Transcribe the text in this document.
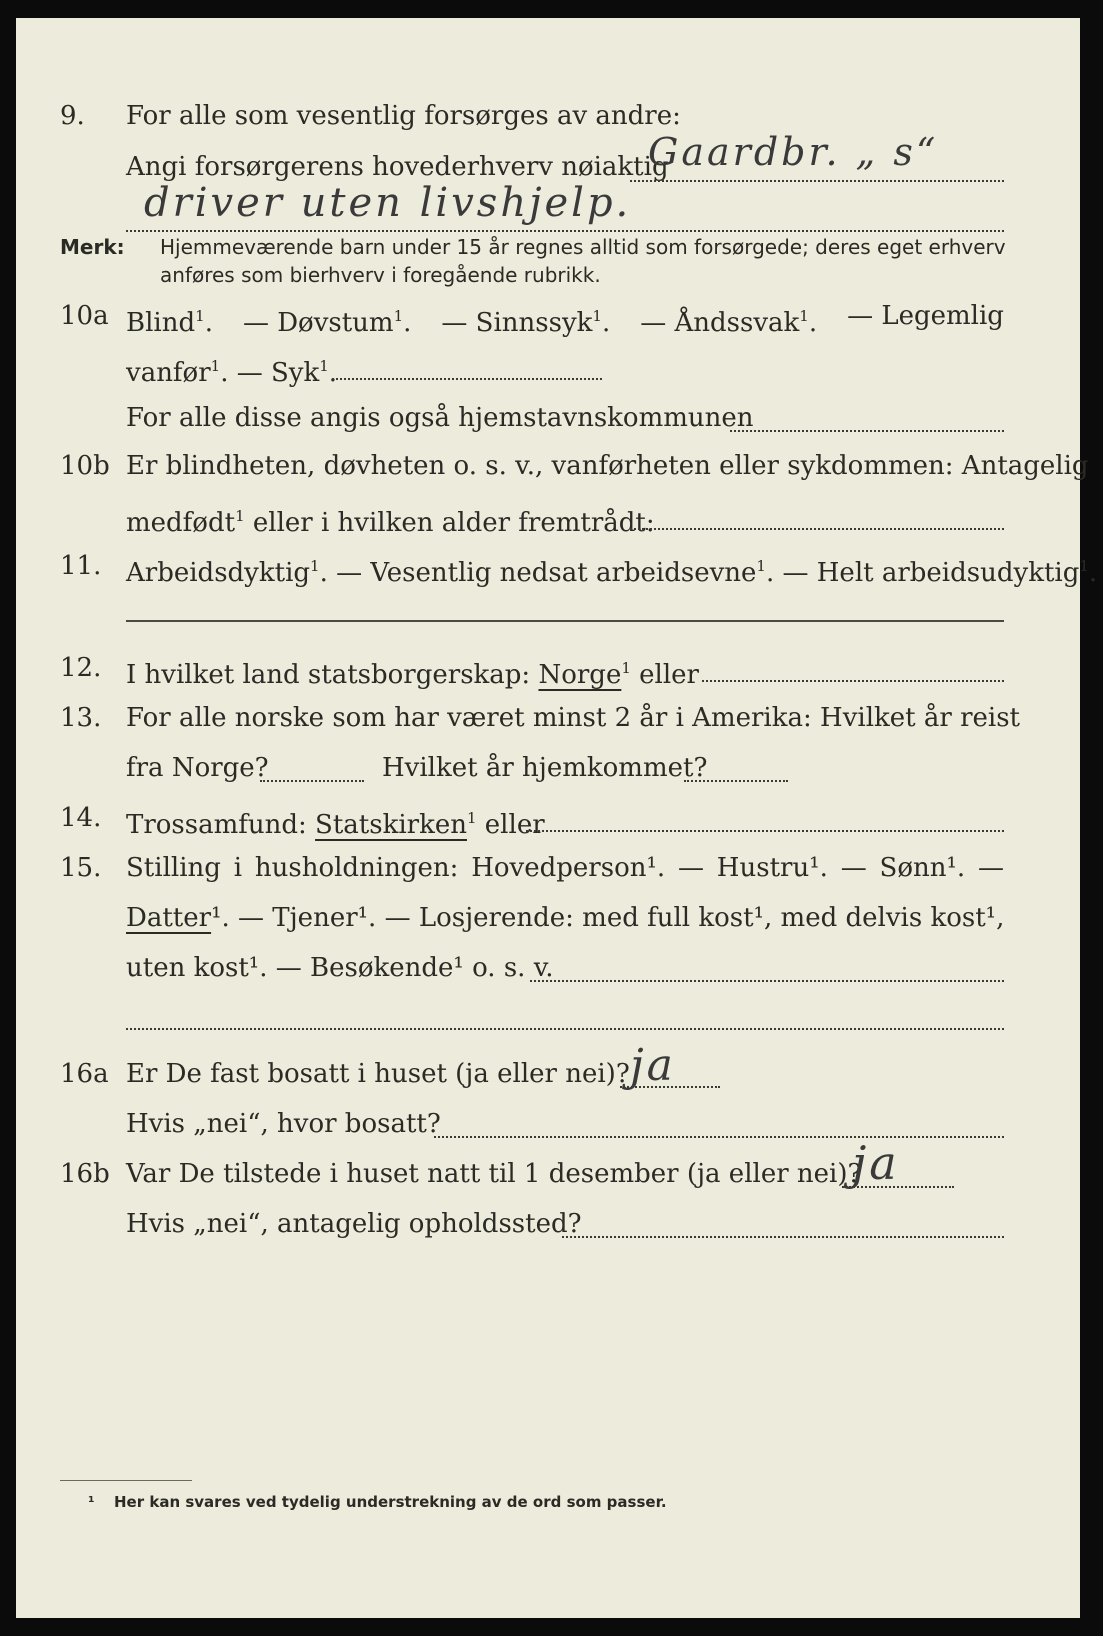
9. For alle som vesentlig forsørges av andre:
Angi forsørgerens hovederhverv nøiaktig
Gaardbr. „ s“
driver uten livshjelp.
Merk: Hjemmeværende barn under 15 år regnes alltid som forsørgede; deres eget erhverv
anføres som bierhverv i foregående rubrikk.
10a Blind$^1$. — Døvstum$^1$. — Sinnssyk$^1$. — Åndssvak$^1$. — Legemlig
vanfør$^1$. — Syk$^1$.
For alle disse angis også hjemstavnskommunen
10b Er blindheten, døvheten o. s. v., vanførheten eller sykdommen: Antagelig
medfødt$^1$ eller i hvilken alder fremtrådt:
11. Arbeidsdyktig$^1$. — Vesentlig nedsat arbeidsevne$^1$. — Helt arbeidsudyktig$^1$.
12. I hvilket land statsborgerskap: Norge$^1$ eller
13. For alle norske som har været minst 2 år i Amerika: Hvilket år reist
fra Norge?	Hvilket år hjemkommet?
14. Trossamfund: Statskirken$^1$ eller
15. Stilling i husholdningen: Hovedperson¹. — Hustru¹. — Sønn¹. —
Datter¹. — Tjener¹. — Losjerende: med full kost¹, med delvis kost¹,
uten kost¹. — Besøkende¹ o. s. v.
16a Er De fast bosatt i huset (ja eller nei)? ja
Hvis „nei“, hvor bosatt?
16b Var De tilstede i huset natt til 1 desember (ja eller nei)?
ja
Hvis „nei“, antagelig opholdssted?
¹ Her kan svares ved tydelig understrekning av de ord som passer.
